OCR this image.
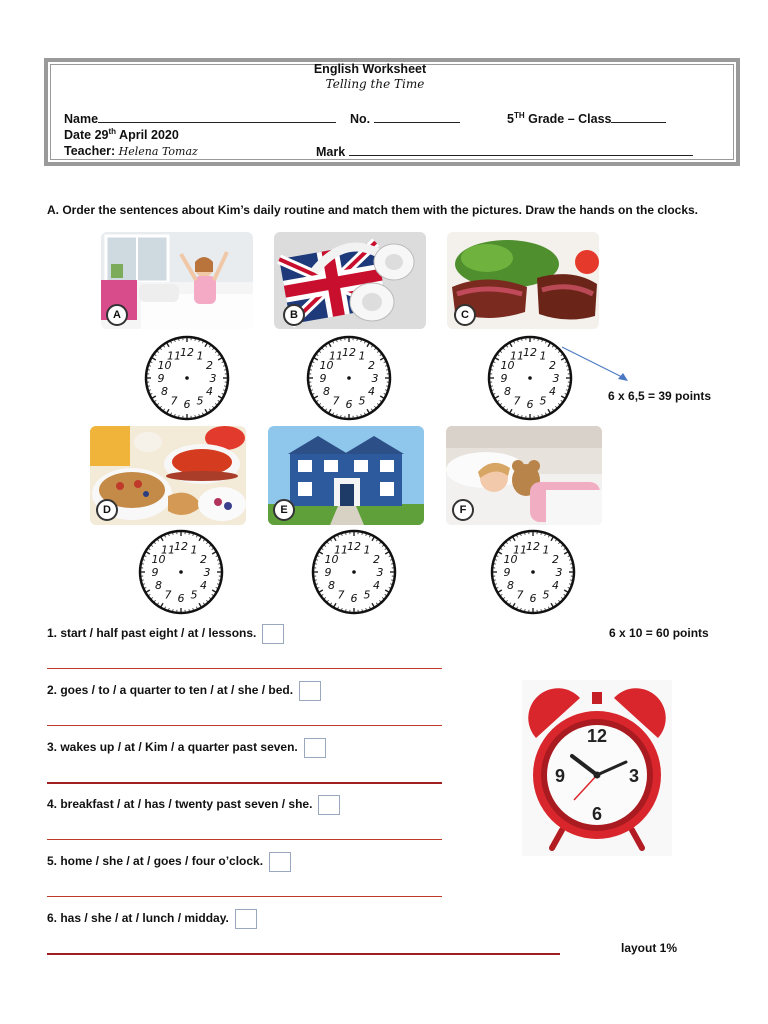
English Worksheet
Telling the Time
Name	No.	5TH Grade – Class
Date 29th April 2020
Teacher: Helena Tomaz	Mark
A. Order the sentences about Kim’s daily routine and match them with the pictures. Draw the hands on the clocks.
A	B	C
12 1
2
3
4
5
6
7
8
9
10
11	12 1
2
3
4
5
6
7
8
9
10
11	12 1
2
3
4
5
6
7
8
9
10
11
6 x 6,5 = 39 points
D	E	F
12 1
2
3
4
5
6
7
8
9
10
11	12 1
2
3
4
5
6
7
8
9
10
11	12 1
2
3
4
5
6
7
8
9
10
11
6 x 10 = 60 points
1. start / half past eight / at / lessons.
2. goes / to / a quarter to ten / at / she / bed.
3. wakes up / at / Kim / a quarter past seven.
4. breakfast / at / has / twenty past seven / she.
5. home / she / at / goes / four o’clock.
6. has / she / at / lunch / midday.
layout 1%
12
3
6
9
